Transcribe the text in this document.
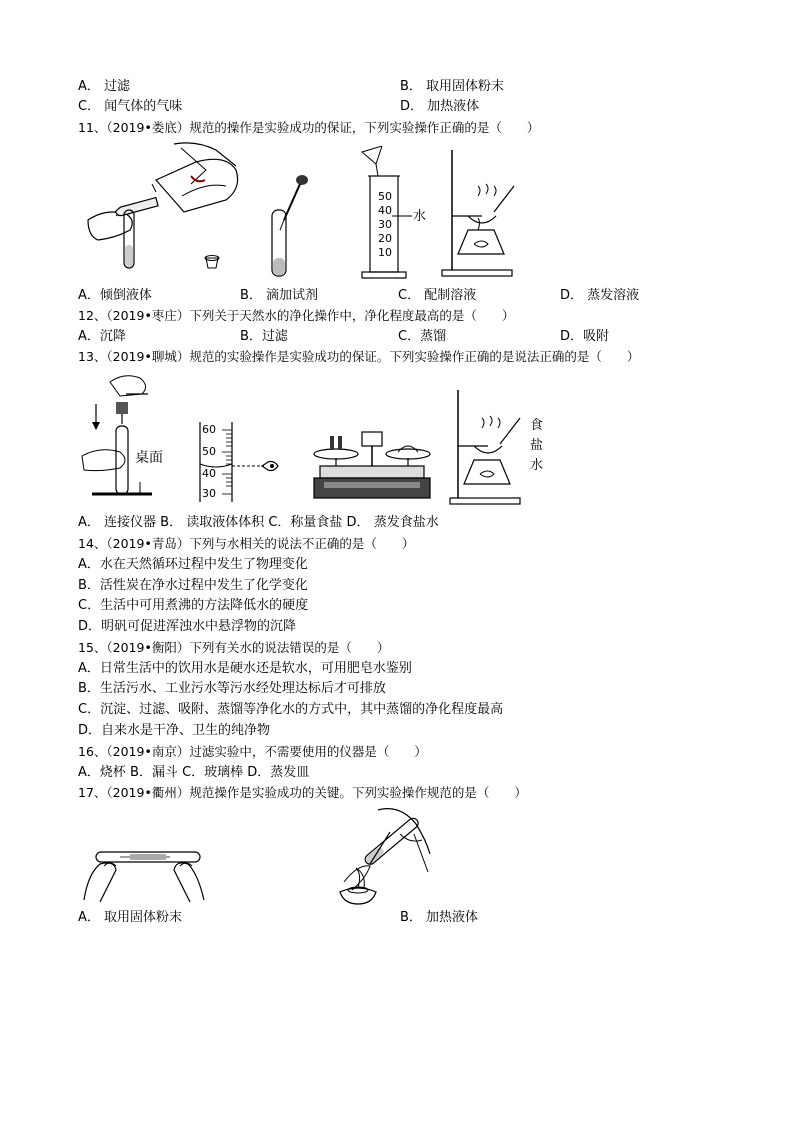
A． 过滤	B． 取用固体粉末
C． 闻气体的气味	D． 加热液体
11、（2019•娄底）规范的操作是实验成功的保证，下列实验操作正确的是（　　）
50
40
30
20
10
水
A．倾倒液体	B． 滴加试剂	C． 配制溶液	D． 蒸发溶液
12、（2019•枣庄）下列关于天然水的净化操作中，净化程度最高的是（　　）
A．沉降	B．过滤	C．蒸馏	D．吸附
13、（2019•聊城）规范的实验操作是实验成功的保证。下列实验操作正确的是说法正确的是（　　）
桌面
60
50
40
30
食
盐
水
A． 连接仪器 B． 读取液体体积 C．称量食盐 D． 蒸发食盐水
14、（2019•青岛）下列与水相关的说法不正确的是（　　）
A．水在天然循环过程中发生了物理变化
B．活性炭在净水过程中发生了化学变化
C．生活中可用煮沸的方法降低水的硬度
D．明矾可促进浑浊水中悬浮物的沉降
15、（2019•衡阳）下列有关水的说法错误的是（　　）
A．日常生活中的饮用水是硬水还是软水，可用肥皂水鉴别
B．生活污水、工业污水等污水经处理达标后才可排放
C．沉淀、过滤、吸附、蒸馏等净化水的方式中，其中蒸馏的净化程度最高
D．自来水是干净、卫生的纯净物
16、（2019•南京）过滤实验中，不需要使用的仪器是（　　）
A．烧杯 B．漏斗 C．玻璃棒 D．蒸发皿
17、（2019•衢州）规范操作是实验成功的关键。下列实验操作规范的是（　　）
A． 取用固体粉末	B． 加热液体
